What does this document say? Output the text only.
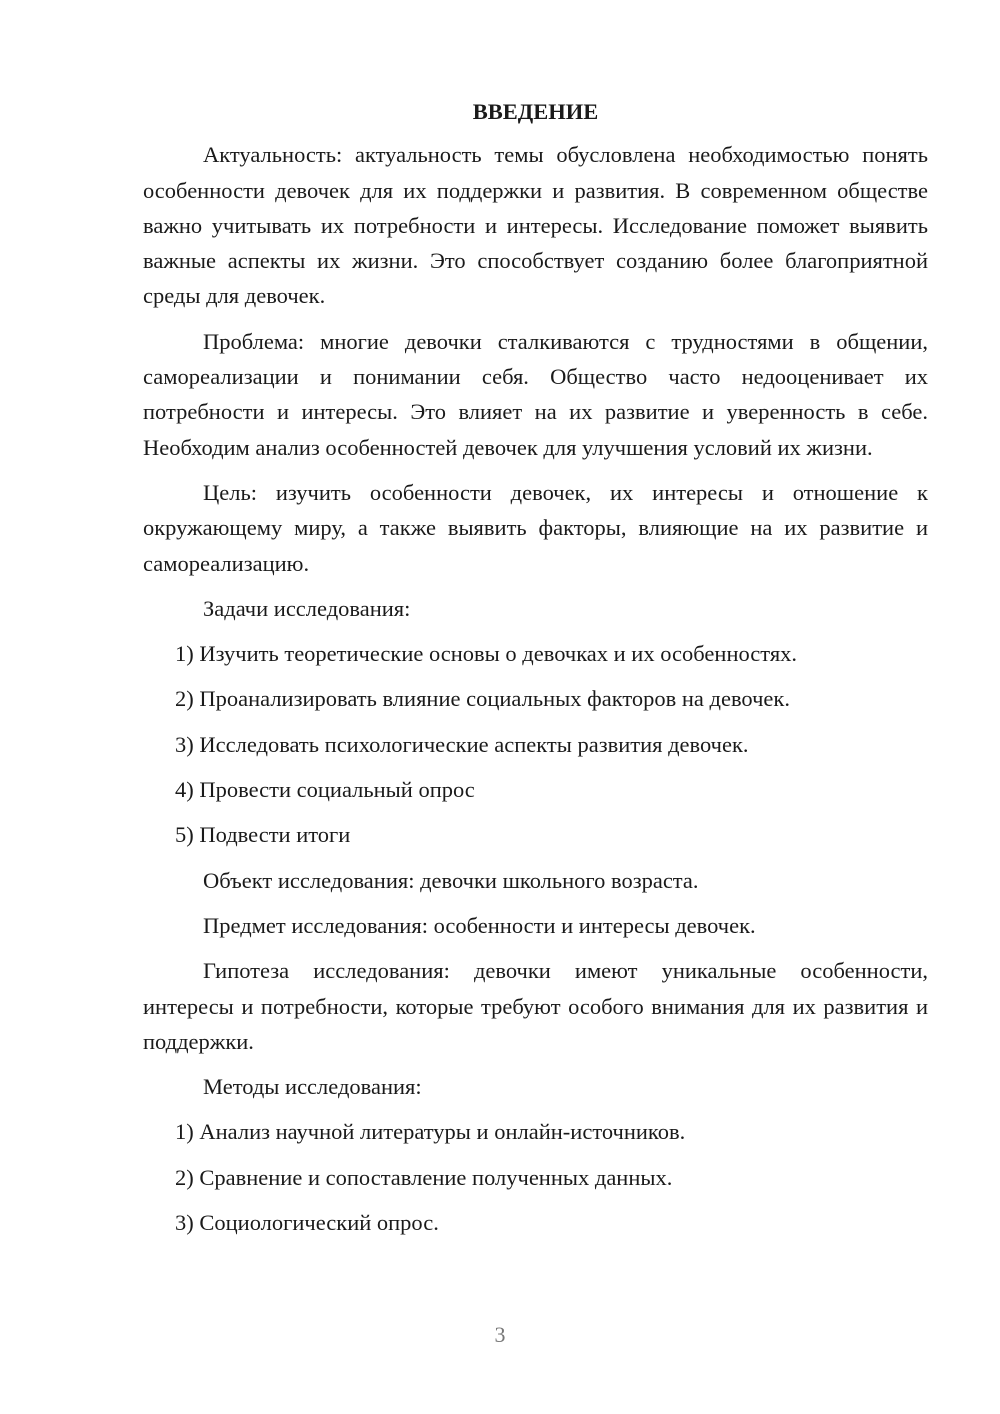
ВВЕДЕНИЕ

Актуальность: актуальность темы обусловлена необходимостью понять особенности девочек для их поддержки и развития. В современном обществе важно учитывать их потребности и интересы. Исследование поможет выявить важные аспекты их жизни. Это способствует созданию более благоприятной среды для девочек.

Проблема: многие девочки сталкиваются с трудностями в общении, самореализации и понимании себя. Общество часто недооценивает их потребности и интересы. Это влияет на их развитие и уверенность в себе. Необходим анализ особенностей девочек для улучшения условий их жизни.

Цель: изучить особенности девочек, их интересы и отношение к окружающему миру, а также выявить факторы, влияющие на их развитие и самореализацию.

Задачи исследования:

1) Изучить теоретические основы о девочках и их особенностях.

2) Проанализировать влияние социальных факторов на девочек.

3) Исследовать психологические аспекты развития девочек.

4) Провести социальный опрос

5) Подвести итоги

Объект исследования: девочки школьного возраста.

Предмет исследования: особенности и интересы девочек.

Гипотеза исследования: девочки имеют уникальные особенности, интересы и потребности, которые требуют особого внимания для их развития и поддержки.

Методы исследования:

1) Анализ научной литературы и онлайн-источников.

2) Сравнение и сопоставление полученных данных.

3) Социологический опрос.

3
